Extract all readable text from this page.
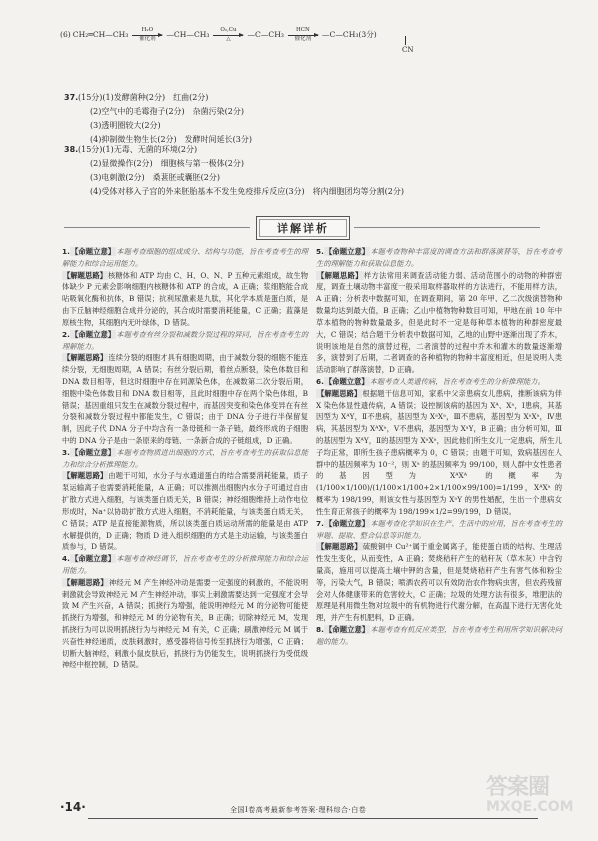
(6) CH₂═CH—CH₃ H₂O
催化剂 —CH—CH₃ O₂,Cu
△ —C—CH₃ HCN
催化剂 —C—CH₃(3分)
CN
37.(15分)(1)发酵菌种(2分)　红曲(2分)
(2)空气中的毛霉孢子(2分)　杂菌污染(2分)
(3)透明圈较大(2分)
(4)抑制微生物生长(2分)　发酵时间延长(3分)
38.(15分)(1)无毒、无菌的环境(2分)
(2)显微操作(2分)　细胞核与第一极体(2分)
(3)电刺激(2分)　桑葚胚或囊胚(2分)
(4)受体对移入子宫的外来胚胎基本不发生免疫排斥反应(3分)　将内细胞团均等分割(2分)
详解详析

1.【命题立意】本题考查细胞的组成成分、结构与功能，旨在考查考生的理解能力和综合运用能力。

【解题思路】核糖体和 ATP 均由 C、H、O、N、P 五种元素组成，故生物体缺少 P 元素会影响细胞内核糖体和 ATP 的合成，A 正确；浆细胞能合成呫吸氧化酶和抗体，B 错误；抗利尿激素是九肽，其化学本质是蛋白质，是由下丘脑神经细胞合成并分泌的，其合成时需要消耗能量，C 正确；蓝藻是原核生物，其细胞内无叶绿体，D 错误。

2.【命题立意】本题考查有丝分裂和减数分裂过程的异同，旨在考查考生的理解能力。

【解题思路】连续分裂的细胞才具有细胞周期，由于减数分裂的细胞不能连续分裂，无细胞周期，A 错误；有丝分裂后期，着丝点断裂，染色体数目和 DNA 数目相等，但这时细胞中存在同源染色体，在减数第二次分裂后期，细胞中染色体数目和 DNA 数目相等，且此时细胞中存在两个染色体组，B 错误；基因重组只发生在减数分裂过程中，而基因突变和染色体变异在有丝分裂和减数分裂过程中都能发生，C 错误；由于 DNA 分子进行半保留复制，因此子代 DNA 分子中均含有一条母链和一条子链，最终形成的子细胞中的 DNA 分子是由一条原来的母链、一条新合成的子链组成，D 正确。

3.【命题立意】本题考查物质进出细胞的方式，旨在考查考生的获取信息能力和综合分析推理能力。

【解题思路】由题干可知，水分子与水通道蛋白的结合需要消耗能量，质子泵运输离子也需要消耗能量，A 正确；可以推测出细胞内水分子可通过自由扩散方式进入细胞，与该类蛋白质无关，B 错误；神经细胞维持上动作电位形成时，Na⁺以协助扩散方式进入细胞，不消耗能量，与该类蛋白质无关，C 错误；ATP 是直接能源物质，所以该类蛋白质运动所需的能量是由 ATP 水解提供的，D 正确；物质 D 进入组织细胞的方式是主动运输，与该类蛋白质参与，D 错误。

4.【命题立意】本题考查神经调节，旨在考查考生的分析推理能力和综合运用能力。

【解题思路】神经元 M 产生神经冲动是需要一定强度的刺激的，不能说明刺激就会导致神经元 M 产生神经冲动，事实上刺激需要达到一定强度才会导致 M 产生兴奋，A 错误；抓挠行为增强，能说明神经元 M 的分泌物可能使抓挠行为增强，和神经元 M 的分泌物有关，B 正确；切除神经元 M，发现抓挠行为可以说明抓挠行为与神经元 M 有关，C 正确；刷激神经元 M 属于兴奋性神经递质，皮肤刺激时，感受器将信号传至抓挠行为增强，C 正确；切断大脑神经，刺激小鼠皮肤后，抓挠行为仍能发生，说明抓挠行为受低级神经中枢控制，D 错误。

5.【命题立意】本题考查物种丰富度的调查方法和群落演替等，旨在考查考生的理解能力和获取信息能力。

【解题思路】样方法常用来调查活动能力弱、活动范围小的动物的种群密度，调查土壤动物丰富度一般采用取样器取样的方法进行，不能用样方法，A 正确；分析表中数据可知，在调查期间，第 20 年甲、乙二次级演替物种数量均达到最大值，B 正确；乙山中植物物种数目可知，甲地在前 10 年中草本植物的物种数量最多，但是此时不一定是每种草本植物的种群密度最大，C 错误；结合题干分析表中数据可知，乙地的山野中逐渐出现了乔木，说明该地是自然的演替过程，二者演替的过程中乔木和灌木的数量逐渐增多，演替到了后期，二者调查的各种植物的物种丰富度相近，但是说明人类活动影响了群落演替，D 正确。

6.【命题立意】本题考查人类遗传病，旨在考查考生的分析推理能力。

【解题思路】根据题干信息可知，家系中父亲患病女儿患病，推断该病为伴 X 染色体显性遗传病，A 错误；设控制该病的基因为 Xᴬ、Xᵃ，Ⅰ患病，其基因型为 XᴬY，Ⅱ不患病，基因型为 XᵃXᵃ，Ⅲ不患病，基因型为 XᵃXᵃ，Ⅳ患病，其基因型为 XᴬXᵃ，Ⅴ不患病，基因型为 XᵃY，B 正确；由分析可知，Ⅲ的基因型为 XᴬY，Ⅱ的基因型为 XᵃXᵃ，因此他们所生女儿一定患病，所生儿子均正常，即所生孩子患病概率为 0，C 错误；由题干可知，致病基因在人群中的基因频率为 10⁻²，则 Xᵃ 的基因频率为 99/100，则人群中女性患者的基因型为 XᴬXᴬ 的概率为 (1/100×1/100)/(1/100×1/100+2×1/100×99/100)=1/199，XᴬXᵃ 的概率为 198/199，则该女性与基因型为 XᵃY 的男性婚配，生出一个患病女性生育正常孩子的概率为 198/199×1/2=99/199，D 错误。

7.【命题立意】本题考查化学知识在生产、生活中的应用，旨在考查考生的审题、提取、整合信息等识能力。

【解题思路】硫酸铜中 Cu²⁺属于重金属离子，能使蛋白质的结构、生理活性发生变化，从而变性，A 正确；焚烧秸秆产生的秸秆灰（草木灰）中含钓量高，施用可以提高土壤中钾的含量，但是焚烧秸秆产生有害气体和粉尘等，污染大气，B 错误；喷洒农药可以有效防治农作物病虫害，但农药残留会对人体健康带来的危害较大，C 正确；垃圾的处理方法有很多，堆肥法的原理是利用微生物对垃圾中的有机物进行代谢分解，在高温下进行无害化处理，并产生有机肥料，D 正确。

8.【命题立意】本题考查有机反应类型，旨在考查考生利用所学知识解决问题的能力。

·14·	全国Ⅰ卷高考最新参考答案·理科综合·白卷
答案圈
MXQE.COM
